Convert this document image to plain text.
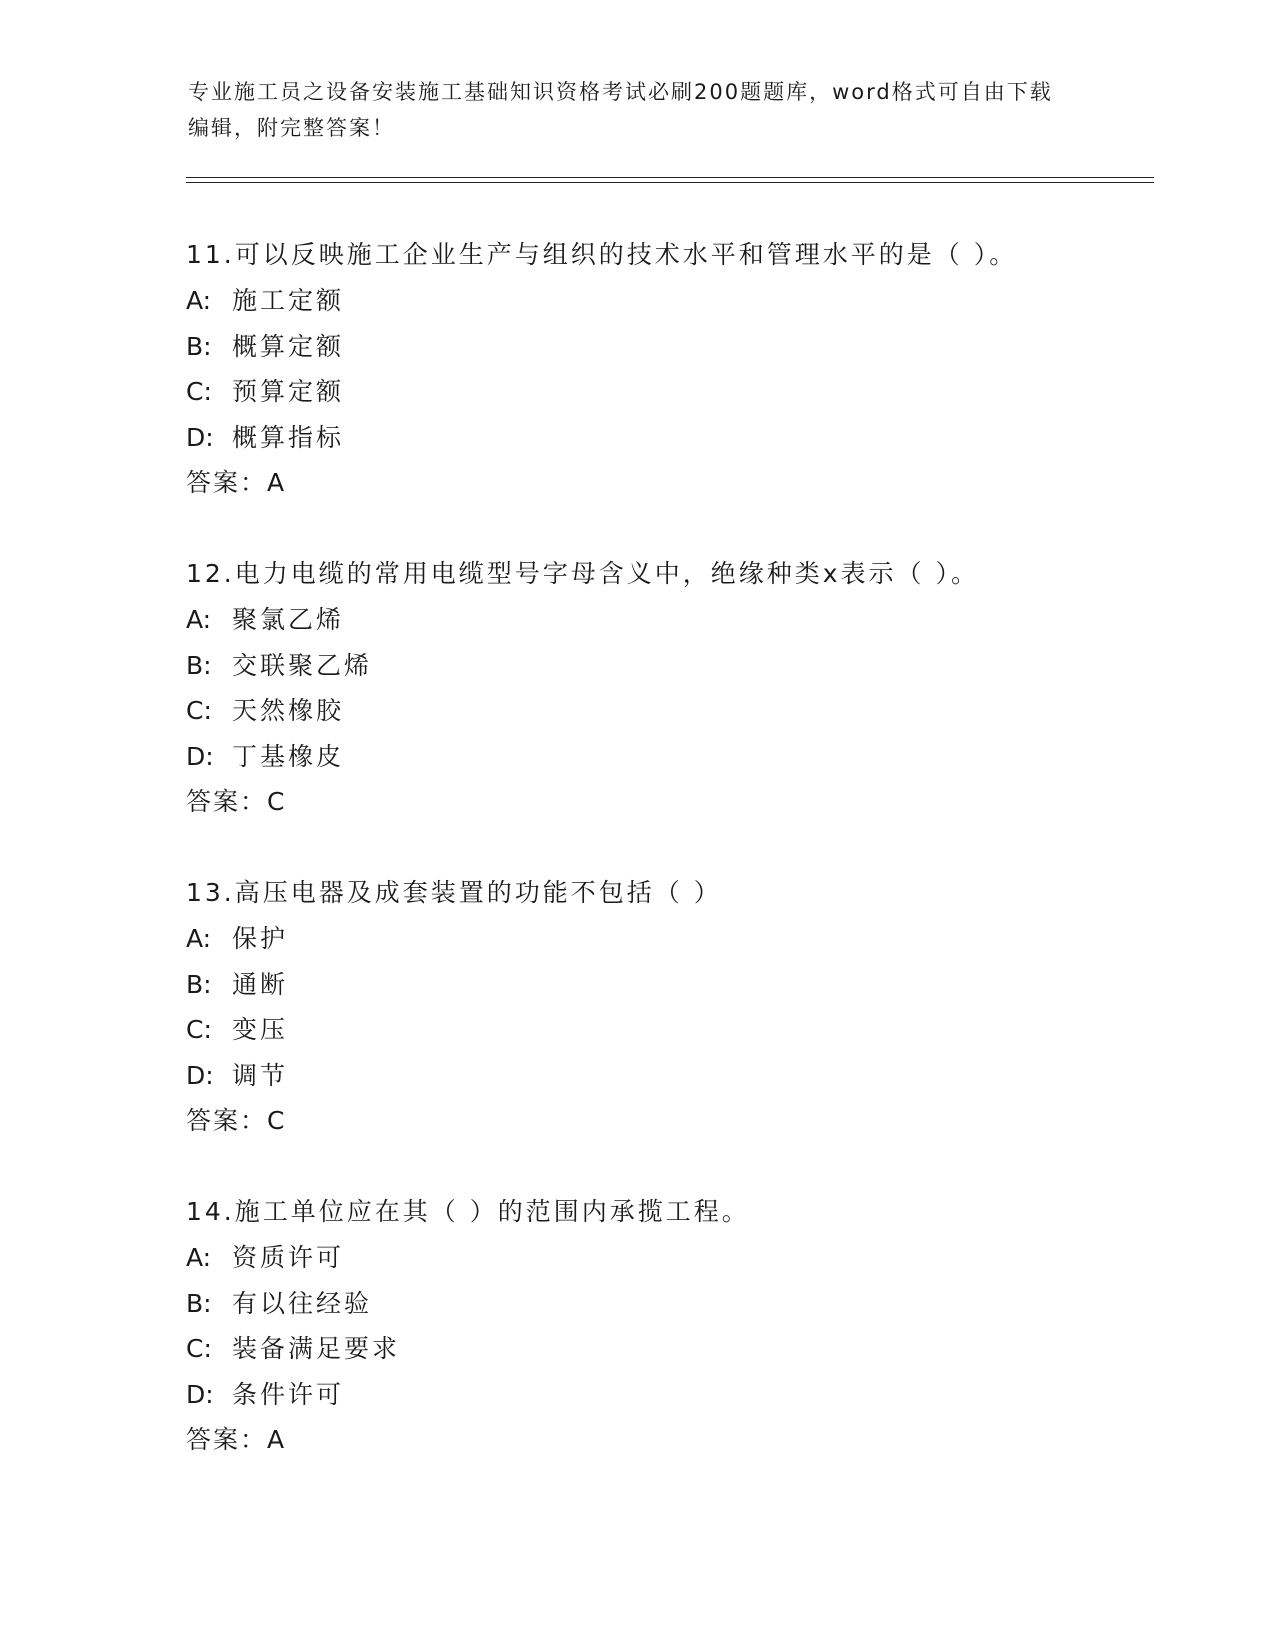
专业施工员之设备安装施工基础知识资格考试必刷200题题库，word格式可自由下载编辑，附完整答案！
11.可以反映施工企业生产与组织的技术水平和管理水平的是（ ）。
A: 施工定额
B: 概算定额
C: 预算定额
D: 概算指标
答案：A
12.电力电缆的常用电缆型号字母含义中，绝缘种类x表示（ ）。
A: 聚氯乙烯
B: 交联聚乙烯
C: 天然橡胶
D: 丁基橡皮
答案：C
13.高压电器及成套装置的功能不包括（ ）
A: 保护
B: 通断
C: 变压
D: 调节
答案：C
14.施工单位应在其（ ）的范围内承揽工程。
A: 资质许可
B: 有以往经验
C: 装备满足要求
D: 条件许可
答案：A
